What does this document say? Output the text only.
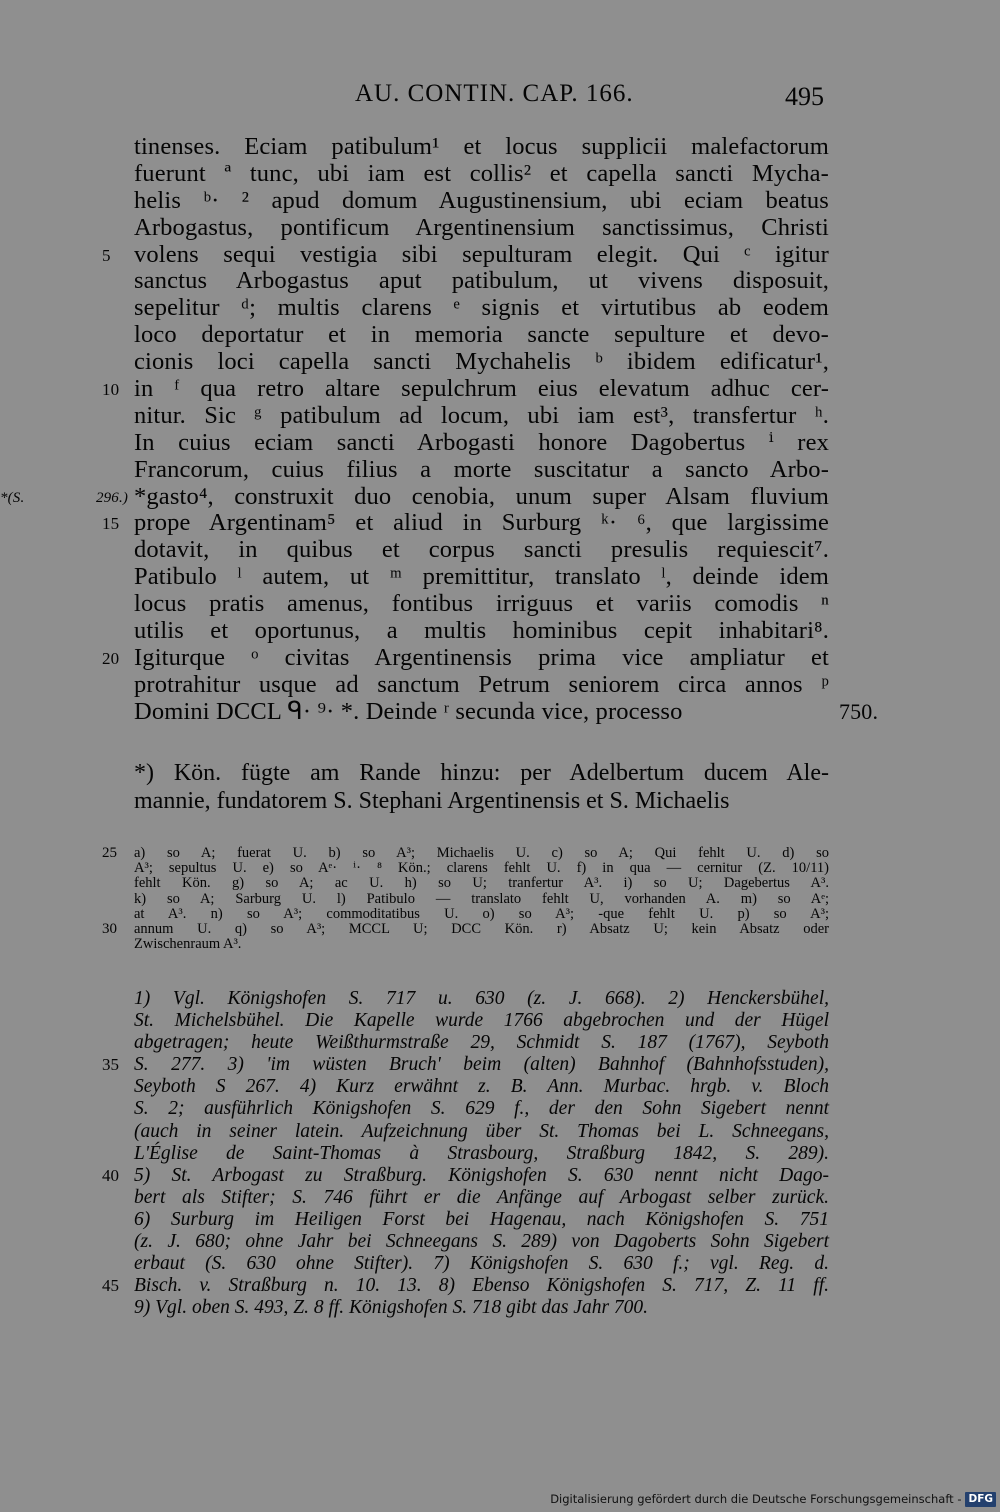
AU. CONTIN. CAP. 166.	495
tinenses. Eciam patibulum¹ et locus supplicii malefactorum
fuerunt ª tunc, ubi iam est collis² et capella sancti Mycha-
helis ᵇ· ² apud domum Augustinensium, ubi eciam beatus
Arbogastus, pontificum Argentinensium sanctissimus, Christi
5 volens sequi vestigia sibi sepulturam elegit. Qui ᶜ igitur
sanctus Arbogastus aput patibulum, ut vivens disposuit,
sepelitur ᵈ; multis clarens ᵉ signis et virtutibus ab eodem
loco deportatur et in memoria sancte sepulture et devo-
cionis loci capella sancti Mychahelis ᵇ ibidem edificatur¹,
10 in ᶠ qua retro altare sepulchrum eius elevatum adhuc cer-
nitur. Sic ᵍ patibulum ad locum, ubi iam est³, transfertur ʰ.
In cuius eciam sancti Arbogasti honore Dagobertus ⁱ rex
Francorum, cuius filius a morte suscitatur a sancto Arbo-
*gasto⁴, construxit duo cenobia, unum super Alsam fluvium
*(S. 296.)
15 prope Argentinam⁵ et aliud in Surburg ᵏ· ⁶, que largissime
dotavit, in quibus et corpus sancti presulis requiescit⁷.
Patibulo ˡ autem, ut ᵐ premittitur, translato ˡ, deinde idem
locus pratis amenus, fontibus irriguus et variis comodis ⁿ
utilis et oportunus, a multis hominibus cepit inhabitari⁸.
20 Igiturque ᵒ civitas Argentinensis prima vice ampliatur et
protrahitur usque ad sanctum Petrum seniorem circa annos ᵖ
Domini DCCL ᑫ· ⁹· *. Deinde ʳ secunda vice, processo	750.
*) Kön. fügte am Rande hinzu: per Adelbertum ducem Ale-
mannie, fundatorem S. Stephani Argentinensis et S. Michaelis
25	a) so A; fuerat U. b) so A³; Michaelis U. c) so A; Qui fehlt U. d) so
A³; sepultus U. e) so Aᵉ· ⁱ· ⁸ Kön.; clarens fehlt U. f) in qua — cernitur (Z. 10/11)
fehlt Kön. g) so A; ac U. h) so U; tranfertur A³. i) so U; Dagebertus A³.
k) so A; Sarburg U. l) Patibulo — translato fehlt U, vorhanden A. m) so Aᵉ;
at A³. n) so A³; commoditatibus U. o) so A³; -que fehlt U. p) so A³;
30	annum U. q) so A³; MCCL U; DCC Kön. r) Absatz U; kein Absatz oder
Zwischenraum A³.
1) Vgl. Königshofen S. 717 u. 630 (z. J. 668). 2) Henckersbühel,
St. Michelsbühel. Die Kapelle wurde 1766 abgebrochen und der Hügel
abgetragen; heute Weißthurmstraße 29, Schmidt S. 187 (1767), Seyboth
35 S. 277. 3) 'im wüsten Bruch' beim (alten) Bahnhof (Bahnhofsstuden),
Seyboth S 267. 4) Kurz erwähnt z. B. Ann. Murbac. hrgb. v. Bloch
S. 2; ausführlich Königshofen S. 629 f., der den Sohn Sigebert nennt
(auch in seiner latein. Aufzeichnung über St. Thomas bei L. Schneegans,
L'Église de Saint-Thomas à Strasbourg, Straßburg 1842, S. 289).
40 5) St. Arbogast zu Straßburg. Königshofen S. 630 nennt nicht Dago-
bert als Stifter; S. 746 führt er die Anfänge auf Arbogast selber zurück.
6) Surburg im Heiligen Forst bei Hagenau, nach Königshofen S. 751
(z. J. 680; ohne Jahr bei Schneegans S. 289) von Dagoberts Sohn Sigebert
erbaut (S. 630 ohne Stifter). 7) Königshofen S. 630 f.; vgl. Reg. d.
45 Bisch. v. Straßburg n. 10. 13. 8) Ebenso Königshofen S. 717, Z. 11 ff.
9) Vgl. oben S. 493, Z. 8 ff. Königshofen S. 718 gibt das Jahr 700.
Digitalisierung gefördert durch die Deutsche Forschungsgemeinschaft - DFG
